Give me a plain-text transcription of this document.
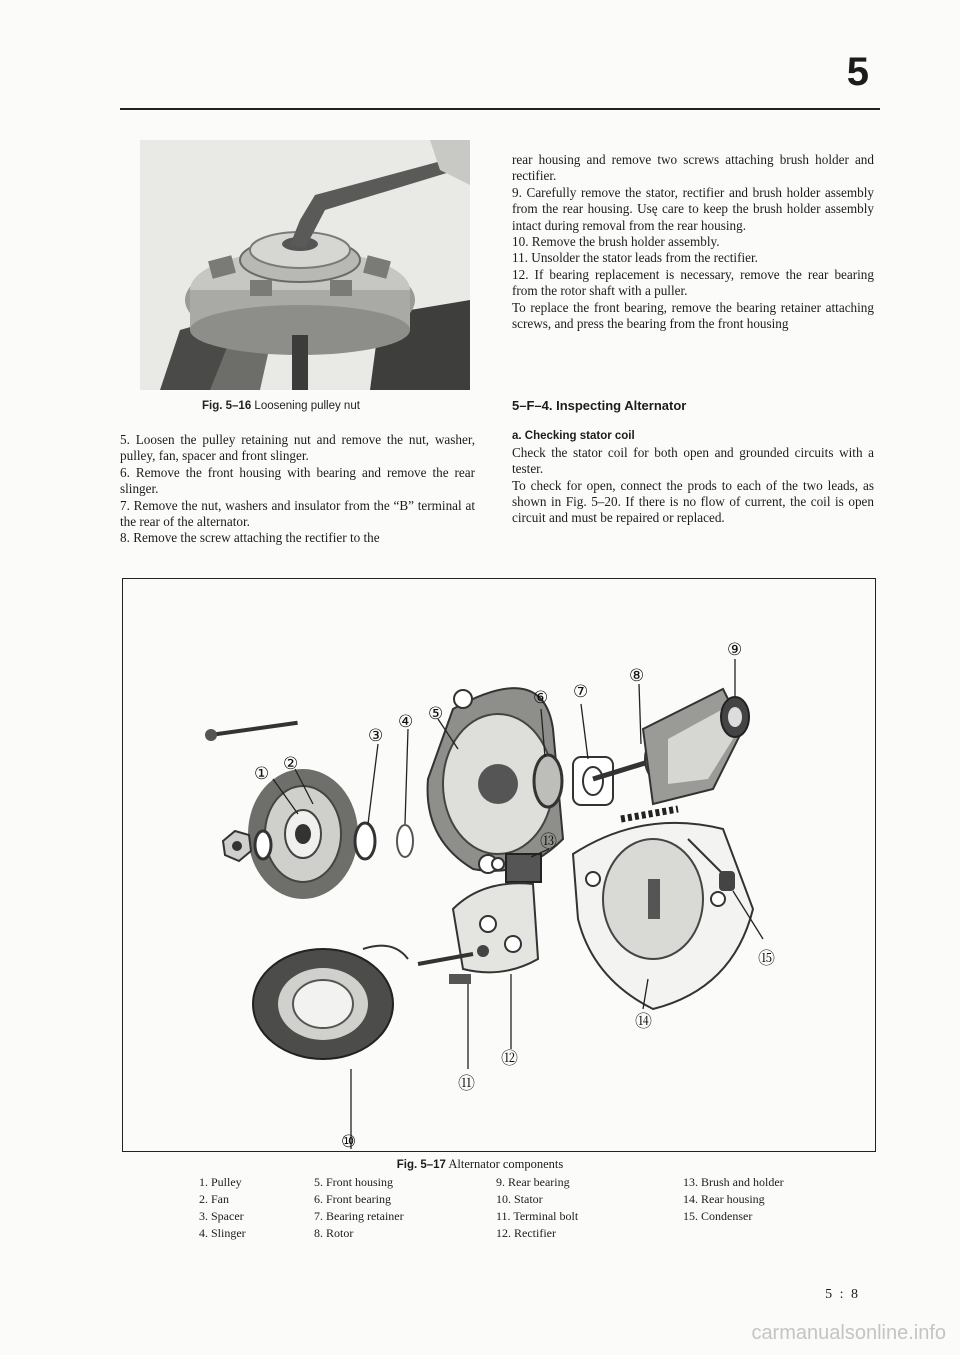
5
Fig. 5–16 Loosening pulley nut

5. Loosen the pulley retaining nut and remove the nut, washer, pulley, fan, spacer and front slinger.

6. Remove the front housing with bearing and remove the rear slinger.

7. Remove the nut, washers and insulator from the “B” terminal at the rear of the alternator.

8. Remove the screw attaching the rectifier to the

rear housing and remove two screws attaching brush holder and rectifier.

9. Carefully remove the stator, rectifier and brush holder assembly from the rear housing. Usę care to keep the brush holder assembly intact during removal from the rear housing.

10. Remove the brush holder assembly.

11. Unsolder the stator leads from the rectifier.

12. If bearing replacement is necessary, remove the rear bearing from the rotor shaft with a puller.

To replace the front bearing, remove the bearing retainer attaching screws, and press the bearing from the front housing

5–F–4. Inspecting Alternator

a. Checking stator coil

Check the stator coil for both open and grounded circuits with a tester.

To check for open, connect the prods to each of the two leads, as shown in Fig. 5–20. If there is no flow of current, the coil is open circuit and must be repaired or replaced.

① ②
③
④ ⑤
⑥ ⑦
⑧
⑨
⑩
⑪
⑫
⑬
⑭
⑮
Fig. 5–17 Alternator components
1. Pulley
2. Fan
3. Spacer
4. Slinger
5. Front housing
6. Front bearing
7. Bearing retainer
8. Rotor
9. Rear bearing
10. Stator
11. Terminal bolt
12. Rectifier
13. Brush and holder
14. Rear housing
15. Condenser
5 : 8
carmanualsonline.info
